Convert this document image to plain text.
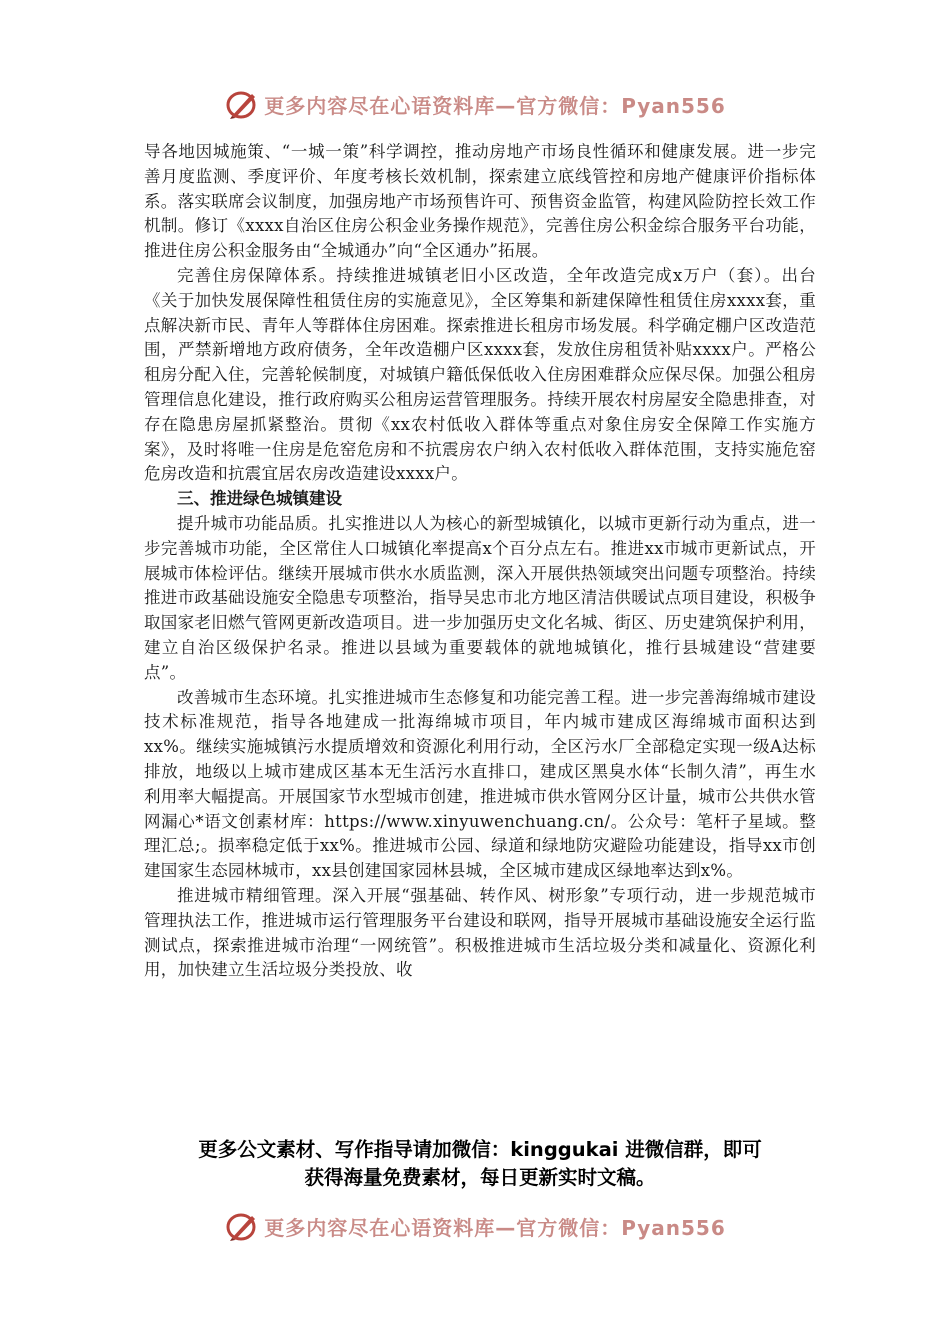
更多内容尽在心语资料库—官方微信：Pyan556

导各地因城施策、“一城一策”科学调控，推动房地产市场良性循环和健康发展。进一步完善月度监测、季度评价、年度考核长效机制，探索建立底线管控和房地产健康评价指标体系。落实联席会议制度，加强房地产市场预售许可、预售资金监管，构建风险防控长效工作机制。修订《xxxx自治区住房公积金业务操作规范》，完善住房公积金综合服务平台功能，推进住房公积金服务由“全城通办”向“全区通办”拓展。

完善住房保障体系。持续推进城镇老旧小区改造，全年改造完成x万户（套）。出台《关于加快发展保障性租赁住房的实施意见》，全区筹集和新建保障性租赁住房xxxx套，重点解决新市民、青年人等群体住房困难。探索推进长租房市场发展。科学确定棚户区改造范围，严禁新增地方政府债务，全年改造棚户区xxxx套，发放住房租赁补贴xxxx户。严格公租房分配入住，完善轮候制度，对城镇户籍低保低收入住房困难群众应保尽保。加强公租房管理信息化建设，推行政府购买公租房运营管理服务。持续开展农村房屋安全隐患排查，对存在隐患房屋抓紧整治。贯彻《xx农村低收入群体等重点对象住房安全保障工作实施方案》，及时将唯一住房是危窑危房和不抗震房农户纳入农村低收入群体范围，支持实施危窑危房改造和抗震宜居农房改造建设xxxx户。

三、推进绿色城镇建设

提升城市功能品质。扎实推进以人为核心的新型城镇化，以城市更新行动为重点，进一步完善城市功能，全区常住人口城镇化率提高x个百分点左右。推进xx市城市更新试点，开展城市体检评估。继续开展城市供水水质监测，深入开展供热领域突出问题专项整治。持续推进市政基础设施安全隐患专项整治，指导吴忠市北方地区清洁供暖试点项目建设，积极争取国家老旧燃气管网更新改造项目。进一步加强历史文化名城、街区、历史建筑保护利用，建立自治区级保护名录。推进以县域为重要载体的就地城镇化，推行县城建设“营建要点”。

改善城市生态环境。扎实推进城市生态修复和功能完善工程。进一步完善海绵城市建设技术标准规范，指导各地建成一批海绵城市项目，年内城市建成区海绵城市面积达到xx%。继续实施城镇污水提质增效和资源化利用行动，全区污水厂全部稳定实现一级A达标排放，地级以上城市建成区基本无生活污水直排口，建成区黑臭水体“长制久清”，再生水利用率大幅提高。开展国家节水型城市创建，推进城市供水管网分区计量，城市公共供水管网漏心*语文创素材库：https://www.xinyuwenchuang.cn/。公众号：笔杆子星域。整理汇总;。损率稳定低于xx%。推进城市公园、绿道和绿地防灾避险功能建设，指导xx市创建国家生态园林城市，xx县创建国家园林县城，全区城市建成区绿地率达到x%。

推进城市精细管理。深入开展“强基础、转作风、树形象”专项行动，进一步规范城市管理执法工作，推进城市运行管理服务平台建设和联网，指导开展城市基础设施安全运行监测试点，探索推进城市治理“一网统管”。积极推进城市生活垃圾分类和减量化、资源化利用，加快建立生活垃圾分类投放、收

更多公文素材、写作指导请加微信：kinggukai 进微信群，即可
获得海量免费素材，每日更新实时文稿。
更多内容尽在心语资料库—官方微信：Pyan556
